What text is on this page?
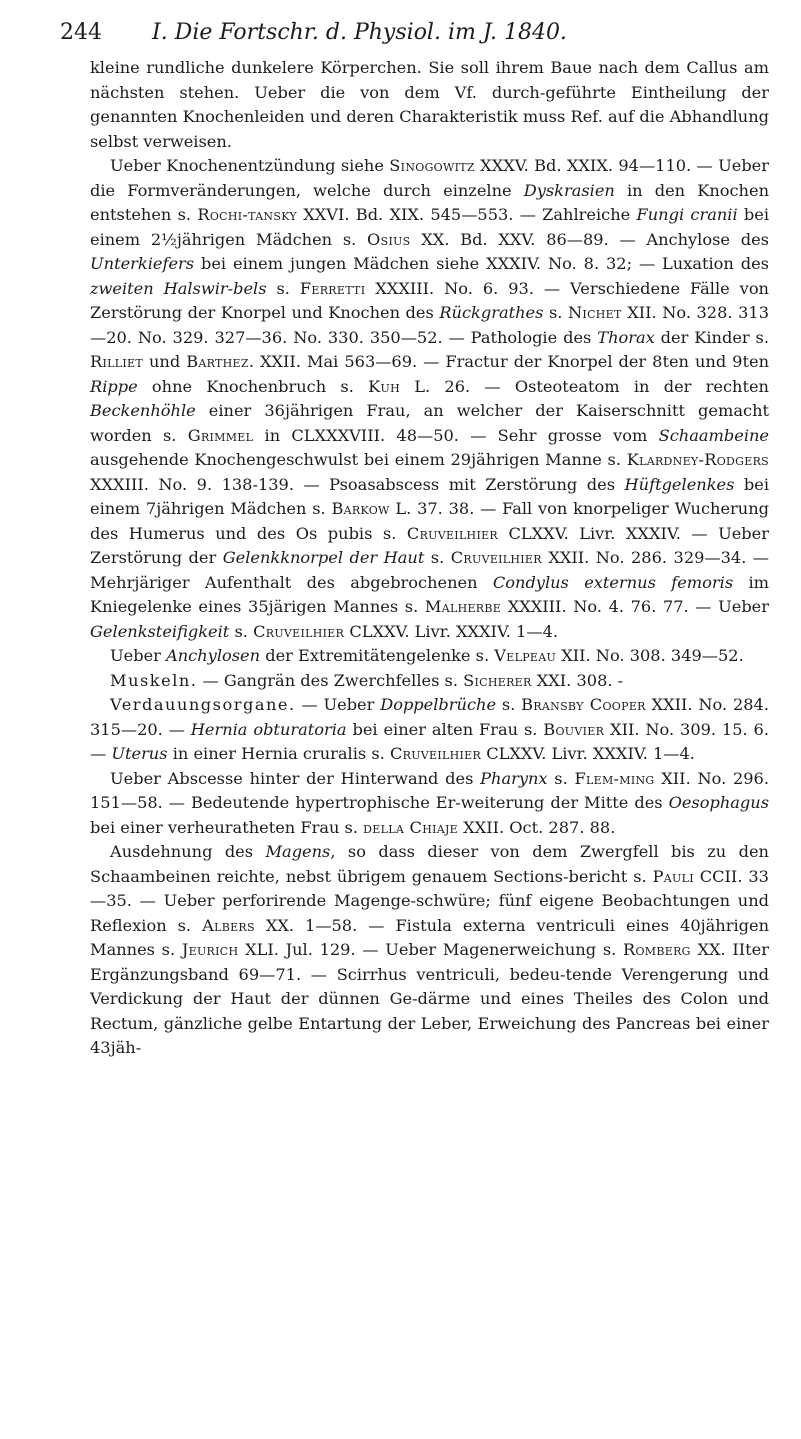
244 I. Die Fortschr. d. Physiol. im J. 1840.

kleine rundliche dunkelere Körperchen. Sie soll ihrem Baue nach dem Callus am nächsten stehen. Ueber die von dem Vf. durch-geführte Eintheilung der genannten Knochenleiden und deren Charakteristik muss Ref. auf die Abhandlung selbst verweisen.

Ueber Knochenentzündung siehe Sinogowitz XXXV. Bd. XXIX. 94—110. — Ueber die Formveränderungen, welche durch einzelne Dyskrasien in den Knochen entstehen s. Rochi-tansky XXVI. Bd. XIX. 545—553. — Zahlreiche Fungi cranii bei einem 2½jährigen Mädchen s. Osius XX. Bd. XXV. 86—89. — Anchylose des Unterkiefers bei einem jungen Mädchen siehe XXXIV. No. 8. 32; — Luxation des zweiten Halswir-bels s. Ferretti XXXIII. No. 6. 93. — Verschiedene Fälle von Zerstörung der Knorpel und Knochen des Rückgrathes s. Nichet XII. No. 328. 313—20. No. 329. 327—36. No. 330. 350—52. — Pathologie des Thorax der Kinder s. Rilliet und Barthez. XXII. Mai 563—69. — Fractur der Knorpel der 8ten und 9ten Rippe ohne Knochenbruch s. Kuh L. 26. — Osteoteatom in der rechten Beckenhöhle einer 36jährigen Frau, an welcher der Kaiserschnitt gemacht worden s. Grimmel in CLXXXVIII. 48—50. — Sehr grosse vom Schaambeine ausgehende Knochengeschwulst bei einem 29jährigen Manne s. Klardney-Rodgers XXXIII. No. 9. 138-139. — Psoasabscess mit Zerstörung des Hüftgelenkes bei einem 7jährigen Mädchen s. Barkow L. 37. 38. — Fall von knorpeliger Wucherung des Humerus und des Os pubis s. Cruveilhier CLXXV. Livr. XXXIV. — Ueber Zerstörung der Gelenkknorpel der Haut s. Cruveilhier XXII. No. 286. 329—34. — Mehrjäriger Aufenthalt des abgebrochenen Condylus externus femoris im Kniegelenke eines 35järigen Mannes s. Malherbe XXXIII. No. 4. 76. 77. — Ueber Gelenksteifigkeit s. Cruveilhier CLXXV. Livr. XXXIV. 1—4.

Ueber Anchylosen der Extremitätengelenke s. Velpeau XII. No. 308. 349—52.

Muskeln. — Gangrän des Zwerchfelles s. Sicherer XXI. 308. -

Verdauungsorgane. — Ueber Doppelbrüche s. Bransby Cooper XXII. No. 284. 315—20. — Hernia obturatoria bei einer alten Frau s. Bouvier XII. No. 309. 15. 6. — Uterus in einer Hernia cruralis s. Cruveilhier CLXXV. Livr. XXXIV. 1—4.

Ueber Abscesse hinter der Hinterwand des Pharynx s. Flem-ming XII. No. 296. 151—58. — Bedeutende hypertrophische Er-weiterung der Mitte des Oesophagus bei einer verheuratheten Frau s. della Chiaje XXII. Oct. 287. 88.

Ausdehnung des Magens, so dass dieser von dem Zwergfell bis zu den Schaambeinen reichte, nebst übrigem genauem Sections-bericht s. Pauli CCII. 33—35. — Ueber perforirende Magenge-schwüre; fünf eigene Beobachtungen und Reflexion s. Albers XX. 1—58. — Fistula externa ventriculi eines 40jährigen Mannes s. Jeurich XLI. Jul. 129. — Ueber Magenerweichung s. Romberg XX. IIter Ergänzungsband 69—71. — Scirrhus ventriculi, bedeu-tende Verengerung und Verdickung der Haut der dünnen Ge-därme und eines Theiles des Colon und Rectum, gänzliche gelbe Entartung der Leber, Erweichung des Pancreas bei einer 43jäh-
